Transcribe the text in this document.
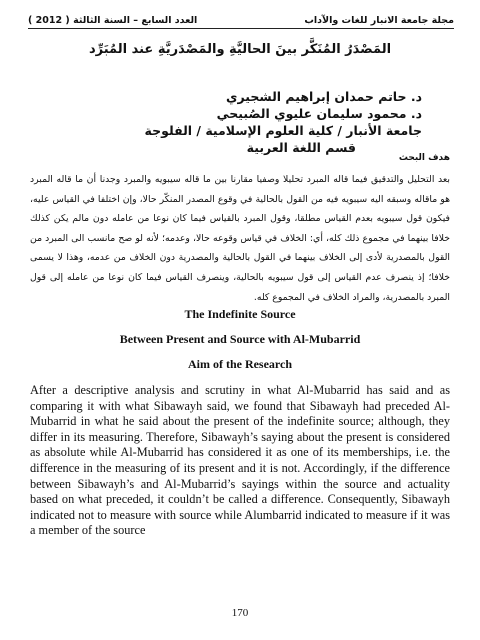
العدد السابع – السنة الثالثة ( 2012 )	مجلة جامعة الانبار للغات والآداب
المَصْدَرُ المُنَكَّر بينَ الحاليَّةِ والمَصْدَريَّةِ عند المُبَرِّد
د. حاتم حمدان إبراهيم الشجيري
د. محمود سليمان عليوي الصُبيحي
جامعة الأنبار / كلية العلوم الإسلامية / الفلوجة
قسم اللغة العربية
هدف البحث
بعد التحليل والتدقيق فيما قاله المبرد تحليلا وصفيا مقارنا بين ما قاله سيبويه والمبرد وجدنا أن ما قاله المبرد هو ماقاله وسبقه اليه سيبويه فيه من القول بالحالية في وقوع المصدر المنكّر حالا، وإن اختلفا في القياس عليه، فيكون قول سيبويه بعدم القياس مطلقا، وقول المبرد بالقياس فيما كان نوعا من عامله دون مالم يكن كذلك خلافا بينهما في مجموع ذلك كله، أي: الخلاف في قياس وقوعه حالا، وعدمه؛ لأنه لو صح مانسب الى المبرد من القول بالمصدرية لأدى إلى الخلاف بينهما في القول بالحالية والمصدرية دون الخلاف من عدمه، وهذا لا يسمى خلافا؛ إذ ينصرف عدم القياس إلى قول سيبويه بالحالية، وينصرف القياس فيما كان نوعا من عامله إلى قول المبرد بالمصدرية، والمراد الخلاف في المجموع كله.
The Indefinite Source
Between Present and Source with Al-Mubarrid
Aim of the Research
After a descriptive analysis and scrutiny in what Al-Mubarrid has said and as comparing it with what Sibawayh said, we found that Sibawayh had preceded Al-Mubarrid in what he said about the present of the indefinite source; although, they differ in its measuring. Therefore, Sibawayh’s saying about the present is considered as absolute while Al-Mubarrid has considered it as one of its memberships, i.e. the difference in the measuring of its present and it is not. Accordingly, if the difference between Sibawayh’s and Al-Mubarrid’s sayings within the source and actuality based on what preceded, it couldn’t be called a difference. Consequently, Sibawayh indicated not to measure with source while Alumbarrid indicated to measure if it was a member of the source
170
